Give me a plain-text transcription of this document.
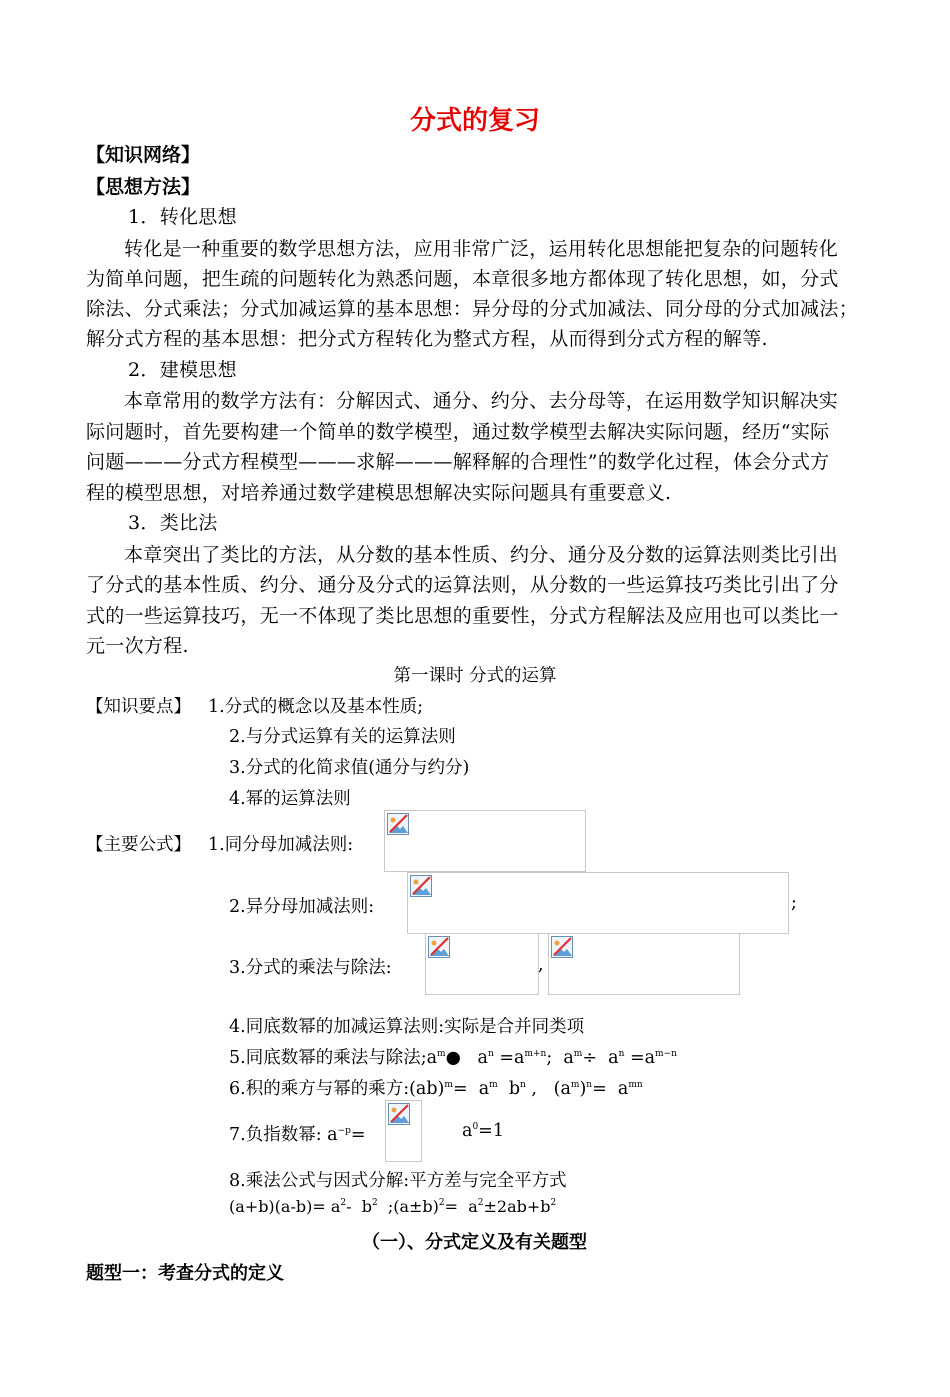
分式的复习
【知识网络】
【思想方法】
1．转化思想
转化是一种重要的数学思想方法，应用非常广泛，运用转化思想能把复杂的问题转化
为简单问题，把生疏的问题转化为熟悉问题，本章很多地方都体现了转化思想，如，分式
除法、分式乘法；分式加减运算的基本思想：异分母的分式加减法、同分母的分式加减法；
解分式方程的基本思想：把分式方程转化为整式方程，从而得到分式方程的解等.
2．建模思想
本章常用的数学方法有：分解因式、通分、约分、去分母等，在运用数学知识解决实
际问题时，首先要构建一个简单的数学模型，通过数学模型去解决实际问题，经历“实际
问题———分式方程模型———求解———解释解的合理性”的数学化过程，体会分式方
程的模型思想，对培养通过数学建模思想解决实际问题具有重要意义.
3．类比法
本章突出了类比的方法，从分数的基本性质、约分、通分及分数的运算法则类比引出
了分式的基本性质、约分、通分及分式的运算法则，从分数的一些运算技巧类比引出了分
式的一些运算技巧，无一不体现了类比思想的重要性，分式方程解法及应用也可以类比一
元一次方程.
第一课时 分式的运算
【知识要点】 1.分式的概念以及基本性质;
2.与分式运算有关的运算法则
3.分式的化简求值(通分与约分)
4.幂的运算法则
【主要公式】 1.同分母加减法则:
2.异分母加减法则:	;
3.分式的乘法与除法:	,
4.同底数幂的加减运算法则:实际是合并同类项
5.同底数幂的乘法与除法$;a^m●$   $a^n =a^{m+n}$;  $a^m\div a^n =a^{m-n}$
6.积的乘方与幂的乘方:(ab)$^m$=  $a^m$  $b^n$ ,   $(a^m)^n= a^{mn}$
7.负指数幂: $a^{-p}=$	$a^0=1$
8.乘法公式与因式分解:平方差与完全平方式
$(a+b)(a-b)= a^2-$  $b^2$  $;(a\pm b)^2= a^2\pm 2ab+b^2$
（一）、分式定义及有关题型
题型一：考查分式的定义
